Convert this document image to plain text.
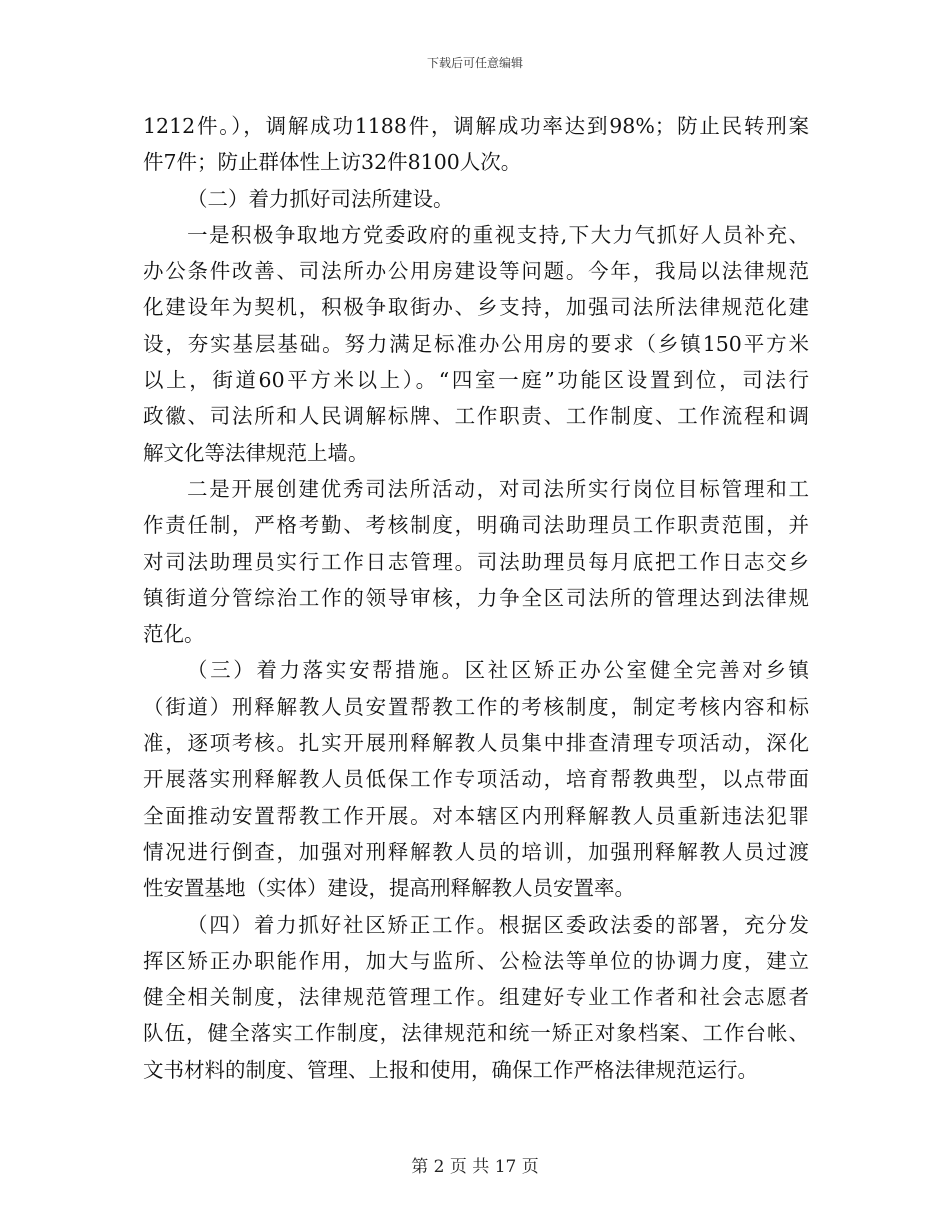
下载后可任意编辑
1212件。），调解成功1188件，调解成功率达到98%；防止民转刑案
件7件；防止群体性上访32件8100人次。
（二）着力抓好司法所建设。
一是积极争取地方党委政府的重视支持,下大力气抓好人员补充、
办公条件改善、司法所办公用房建设等问题。今年，我局以法律规范
化建设年为契机，积极争取街办、乡支持，加强司法所法律规范化建
设，夯实基层基础。努力满足标准办公用房的要求（乡镇150平方米
以上，街道60平方米以上）。“四室一庭”功能区设置到位，司法行
政徽、司法所和人民调解标牌、工作职责、工作制度、工作流程和调
解文化等法律规范上墙。
二是开展创建优秀司法所活动，对司法所实行岗位目标管理和工
作责任制，严格考勤、考核制度，明确司法助理员工作职责范围，并
对司法助理员实行工作日志管理。司法助理员每月底把工作日志交乡
镇街道分管综治工作的领导审核，力争全区司法所的管理达到法律规
范化。
（三）着力落实安帮措施。区社区矫正办公室健全完善对乡镇
（街道）刑释解教人员安置帮教工作的考核制度，制定考核内容和标
准，逐项考核。扎实开展刑释解教人员集中排查清理专项活动，深化
开展落实刑释解教人员低保工作专项活动，培育帮教典型，以点带面
全面推动安置帮教工作开展。对本辖区内刑释解教人员重新违法犯罪
情况进行倒查，加强对刑释解教人员的培训，加强刑释解教人员过渡
性安置基地（实体）建设，提高刑释解教人员安置率。
（四）着力抓好社区矫正工作。根据区委政法委的部署，充分发
挥区矫正办职能作用，加大与监所、公检法等单位的协调力度，建立
健全相关制度，法律规范管理工作。组建好专业工作者和社会志愿者
队伍，健全落实工作制度，法律规范和统一矫正对象档案、工作台帐、
文书材料的制度、管理、上报和使用，确保工作严格法律规范运行。
第 2 页 共 17 页
